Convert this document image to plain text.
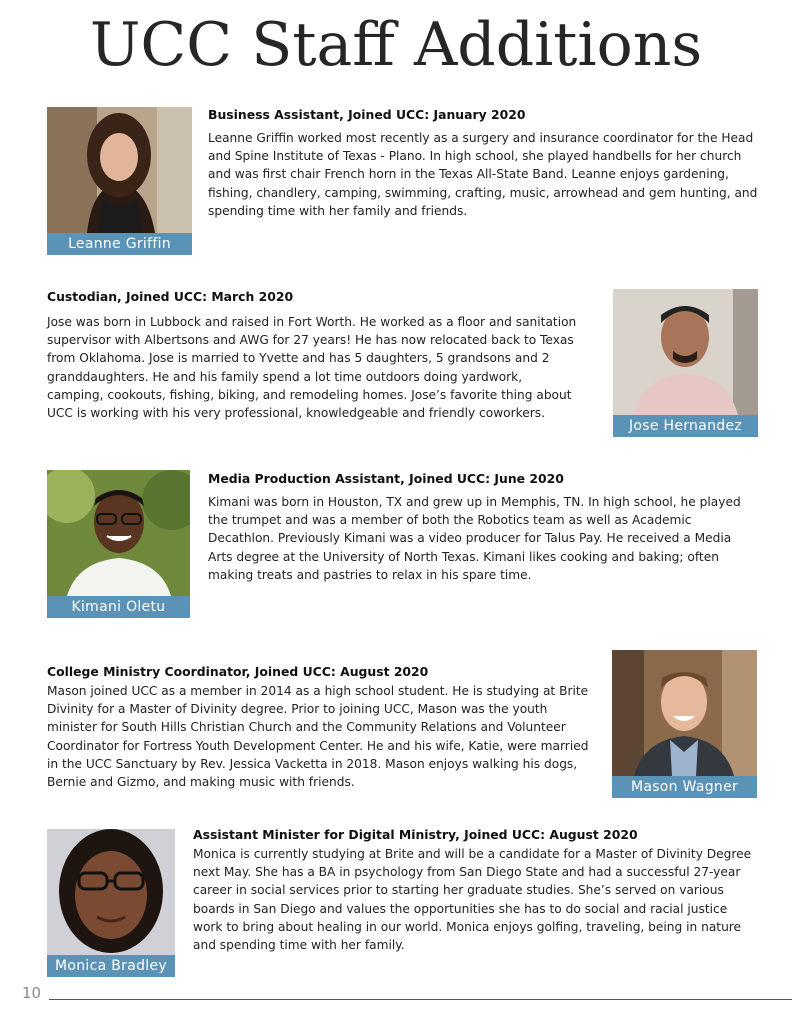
UCC Staff Additions
Leanne Griffin
Business Assistant, Joined UCC: January 2020

Leanne Griffin worked most recently as a surgery and insurance coordinator for the Head and Spine Institute of Texas - Plano. In high school, she played handbells for her church and was first chair French horn in the Texas All-State Band. Leanne enjoys gardening, fishing, chandlery, camping, swimming, crafting, music, arrowhead and gem hunting, and spending time with her family and friends.

Custodian, Joined UCC: March 2020

Jose was born in Lubbock and raised in Fort Worth. He worked as a floor and sanitation supervisor with Albertsons and AWG for 27 years! He has now relocated back to Texas from Oklahoma. Jose is married to Yvette and has 5 daughters, 5 grandsons and 2 granddaughters. He and his family spend a lot time outdoors doing yardwork, camping, cookouts, fishing, biking, and remodeling homes. Jose’s favorite thing about UCC is working with his very professional, knowledgeable and friendly coworkers.

Jose Hernandez
Kimani Oletu
Media Production Assistant, Joined UCC: June 2020

Kimani was born in Houston, TX and grew up in Memphis, TN. In high school, he played the trumpet and was a member of both the Robotics team as well as Academic Decathlon. Previously Kimani was a video producer for Talus Pay. He received a Media Arts degree at the University of North Texas. Kimani likes cooking and baking; often making treats and pastries to relax in his spare time.

College Ministry Coordinator, Joined UCC: August 2020

Mason joined UCC as a member in 2014 as a high school student. He is studying at Brite Divinity for a Master of Divinity degree. Prior to joining UCC, Mason was the youth minister for South Hills Christian Church and the Community Relations and Volunteer Coordinator for Fortress Youth Development Center. He and his wife, Katie, were married in the UCC Sanctuary by Rev. Jessica Vacketta in 2018. Mason enjoys walking his dogs, Bernie and Gizmo, and making music with friends.	Mason Wagner
Monica Bradley
Assistant Minister for Digital Ministry, Joined UCC: August 2020

Monica is currently studying at Brite and will be a candidate for a Master of Divinity Degree next May. She has a BA in psychology from San Diego State and had a successful 27-year career in social services prior to starting her graduate studies. She’s served on various boards in San Diego and values the opportunities she has to do social and racial justice work to bring about healing in our world. Monica enjoys golfing, traveling, being in nature and spending time with her family.

10
